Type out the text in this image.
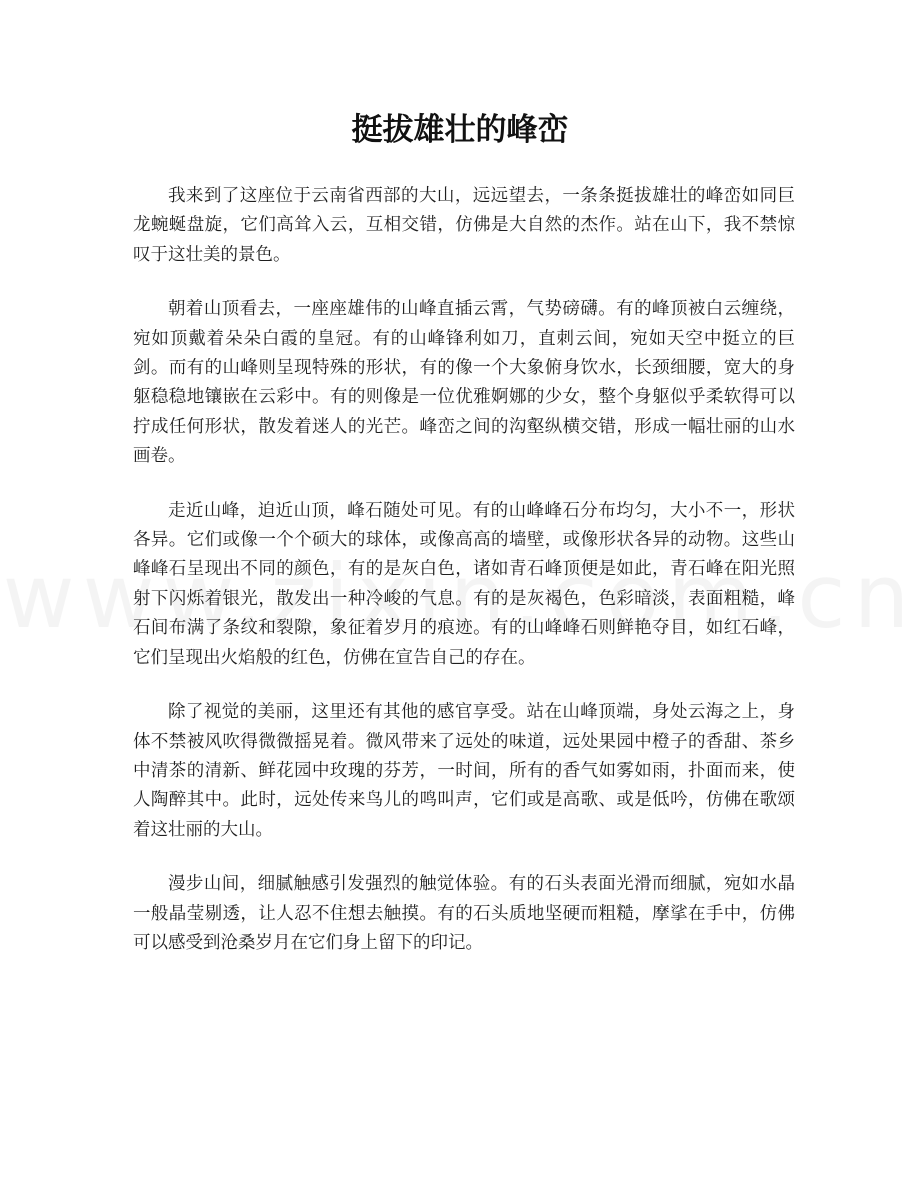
挺拔雄壮的峰峦

我来到了这座位于云南省西部的大山，远远望去，一条条挺拔雄壮的峰峦如同巨龙蜿蜒盘旋，它们高耸入云，互相交错，仿佛是大自然的杰作。站在山下，我不禁惊叹于这壮美的景色。

朝着山顶看去，一座座雄伟的山峰直插云霄，气势磅礴。有的峰顶被白云缠绕，宛如顶戴着朵朵白霞的皇冠。有的山峰锋利如刀，直刺云间，宛如天空中挺立的巨剑。而有的山峰则呈现特殊的形状，有的像一个大象俯身饮水，长颈细腰，宽大的身躯稳稳地镶嵌在云彩中。有的则像是一位优雅婀娜的少女，整个身躯似乎柔软得可以拧成任何形状，散发着迷人的光芒。峰峦之间的沟壑纵横交错，形成一幅壮丽的山水画卷。

走近山峰，迫近山顶，峰石随处可见。有的山峰峰石分布均匀，大小不一，形状各异。它们或像一个个硕大的球体，或像高高的墙壁，或像形状各异的动物。这些山峰峰石呈现出不同的颜色，有的是灰白色，诸如青石峰顶便是如此，青石峰在阳光照射下闪烁着银光，散发出一种冷峻的气息。有的是灰褐色，色彩暗淡，表面粗糙，峰石间布满了条纹和裂隙，象征着岁月的痕迹。有的山峰峰石则鲜艳夺目，如红石峰，它们呈现出火焰般的红色，仿佛在宣告自己的存在。

除了视觉的美丽，这里还有其他的感官享受。站在山峰顶端，身处云海之上，身体不禁被风吹得微微摇晃着。微风带来了远处的味道，远处果园中橙子的香甜、茶乡中清茶的清新、鲜花园中玫瑰的芬芳，一时间，所有的香气如雾如雨，扑面而来，使人陶醉其中。此时，远处传来鸟儿的鸣叫声，它们或是高歌、或是低吟，仿佛在歌颂着这壮丽的大山。

漫步山间，细腻触感引发强烈的触觉体验。有的石头表面光滑而细腻，宛如水晶一般晶莹剔透，让人忍不住想去触摸。有的石头质地坚硬而粗糙，摩挲在手中，仿佛可以感受到沧桑岁月在它们身上留下的印记。
